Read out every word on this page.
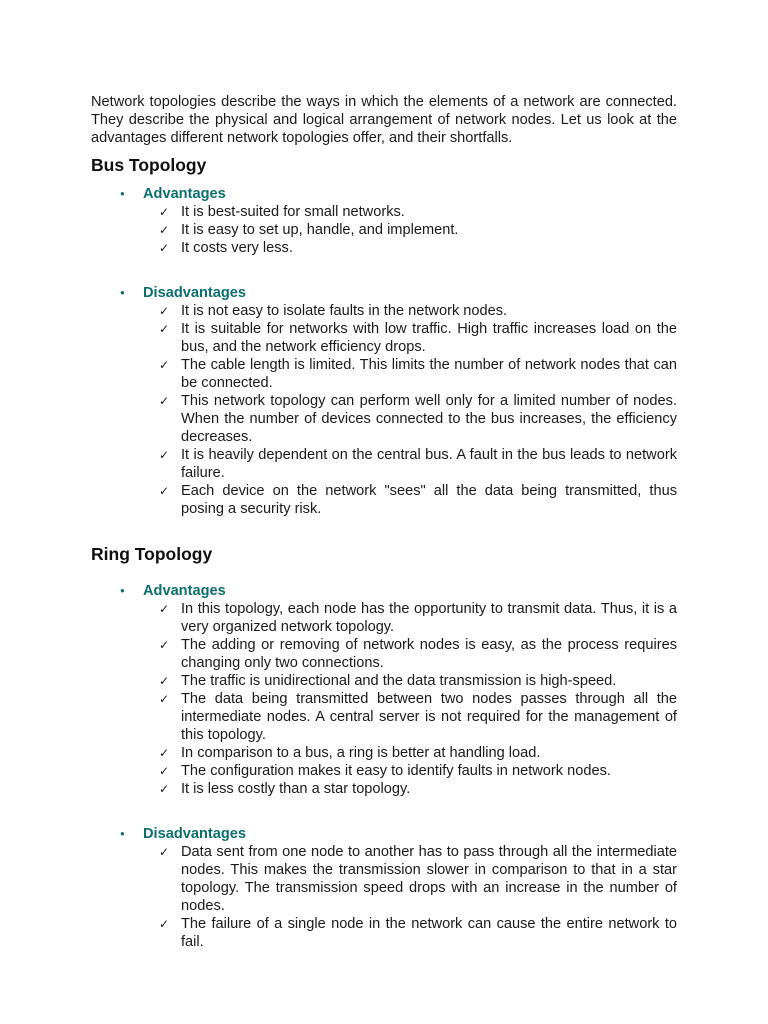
Network topologies describe the ways in which the elements of a network are connected. They describe the physical and logical arrangement of network nodes. Let us look at the advantages different network topologies offer, and their shortfalls.

Bus Topology
● Advantages
✓ It is best-suited for small networks.
✓ It is easy to set up, handle, and implement.
✓ It costs very less.
● Disadvantages
✓ It is not easy to isolate faults in the network nodes.
✓ It is suitable for networks with low traffic. High traffic increases load on the bus, and the network efficiency drops.
✓ The cable length is limited. This limits the number of network nodes that can be connected.
✓ This network topology can perform well only for a limited number of nodes. When the number of devices connected to the bus increases, the efficiency decreases.
✓ It is heavily dependent on the central bus. A fault in the bus leads to network failure.
✓ Each device on the network "sees" all the data being transmitted, thus posing a security risk.
Ring Topology
● Advantages
✓ In this topology, each node has the opportunity to transmit data. Thus, it is a very organized network topology.
✓ The adding or removing of network nodes is easy, as the process requires changing only two connections.
✓ The traffic is unidirectional and the data transmission is high-speed.
✓ The data being transmitted between two nodes passes through all the intermediate nodes. A central server is not required for the management of this topology.
✓ In comparison to a bus, a ring is better at handling load.
✓ The configuration makes it easy to identify faults in network nodes.
✓ It is less costly than a star topology.
● Disadvantages
✓ Data sent from one node to another has to pass through all the intermediate nodes. This makes the transmission slower in comparison to that in a star topology. The transmission speed drops with an increase in the number of nodes.
✓ The failure of a single node in the network can cause the entire network to fail.
